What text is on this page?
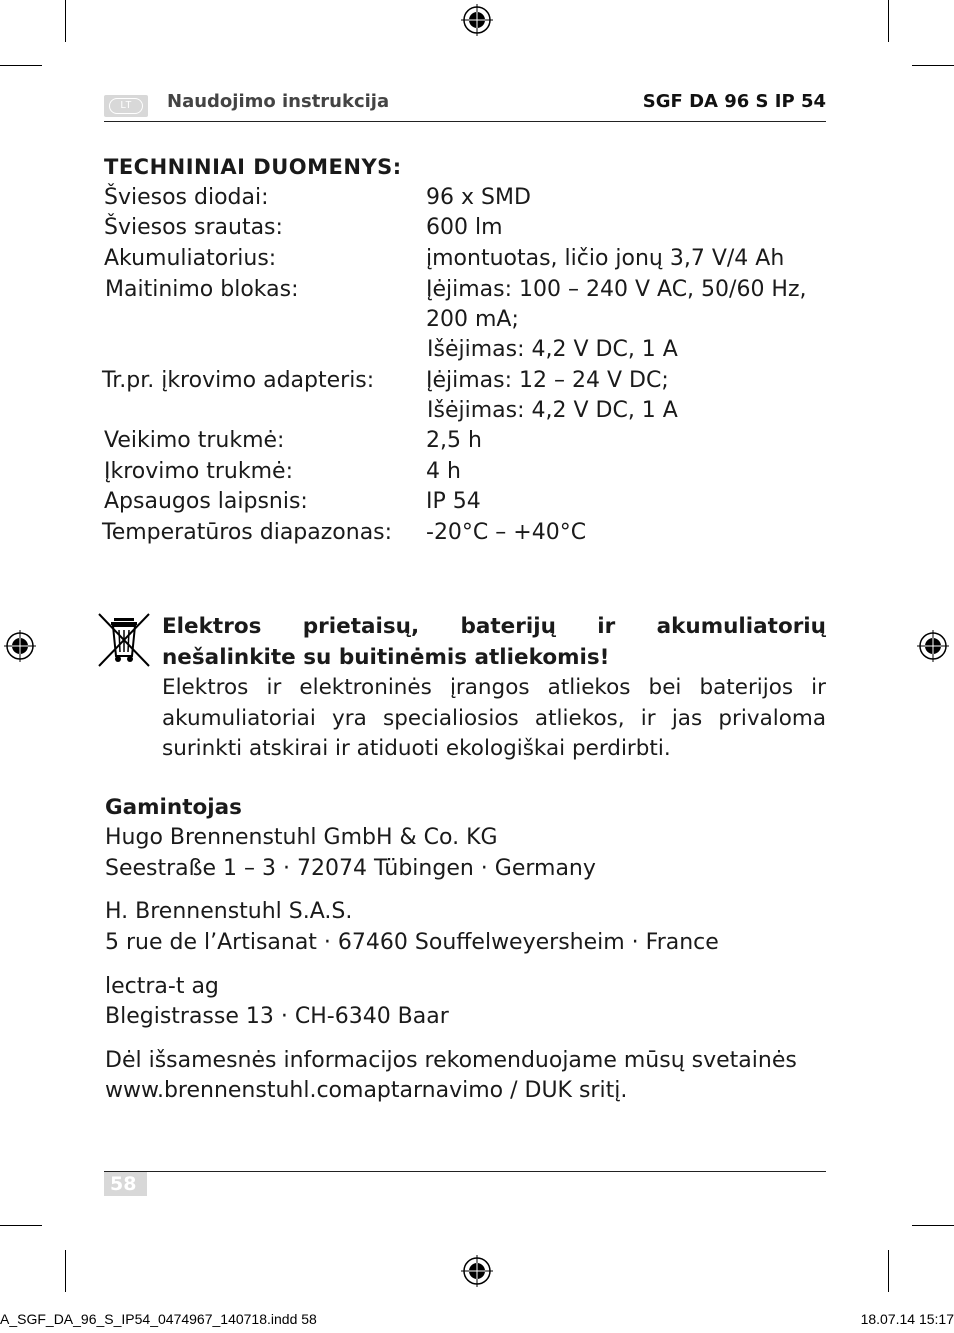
LT	Naudojimo instrukcija	SGF DA 96 S IP 54
TECHNINIAI DUOMENYS:
Šviesos diodai:	96 x SMD
Šviesos srautas:	600 lm
Akumuliatorius:	įmontuotas, ličio jonų 3,7 V/4 Ah
Maitinimo blokas:	Įėjimas: 100 – 240 V AC, 50/60 Hz,
200 mA;
Išėjimas: 4,2 V DC, 1 A
Tr.pr. įkrovimo adapteris: Įėjimas: 12 – 24 V DC;
Išėjimas: 4,2 V DC, 1 A
Veikimo trukmė:	2,5 h
Įkrovimo trukmė:	4 h
Apsaugos laipsnis:	IP 54
Temperatūros diapazonas: -20°C – +40°C
Elektros prietaisų, baterijų ir akumuliatorių nešalinkite su buitinėmis atliekomis!
Elektros ir elektroninės įrangos atliekos bei baterijos ir akumuliatoriai yra specialiosios atliekos, ir jas privaloma surinkti atskirai ir atiduoti ekologiškai perdirbti.
Gamintojas
Hugo Brennenstuhl GmbH & Co. KG
Seestraße 1 – 3 · 72074 Tübingen · Germany
H. Brennenstuhl S.A.S.
5 rue de l’Artisanat · 67460 Souffelweyersheim · France
lectra-t ag
Blegistrasse 13 · CH-6340 Baar
Dėl išsamesnės informacijos rekomenduojame mūsų svetainės
www.brennenstuhl.comaptarnavimo / DUK sritį.
58
A_SGF_DA_96_S_IP54_0474967_140718.indd 58	18.07.14 15:17
